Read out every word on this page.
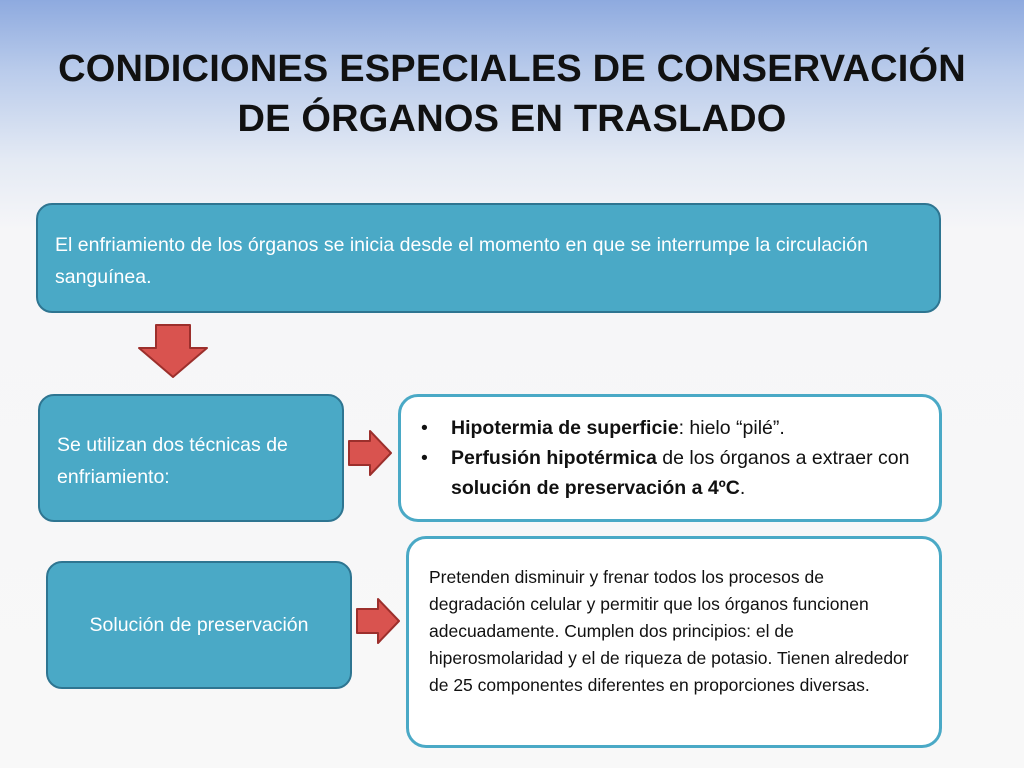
CONDICIONES ESPECIALES DE CONSERVACIÓN
DE ÓRGANOS EN TRASLADO
El enfriamiento de los órganos se inicia desde el momento en que se interrumpe la circulación sanguínea.
Se utilizan dos técnicas de enfriamiento:
• Hipotermia de superficie: hielo “pilé”.
• Perfusión hipotérmica de los órganos a extraer con solución de preservación a 4ºC.
Solución de preservación
Pretenden disminuir y frenar todos los procesos de degradación celular y permitir que los órganos funcionen adecuadamente. Cumplen dos principios: el de hiperosmolaridad y el de riqueza de potasio. Tienen alrededor de 25 componentes diferentes en proporciones diversas.
